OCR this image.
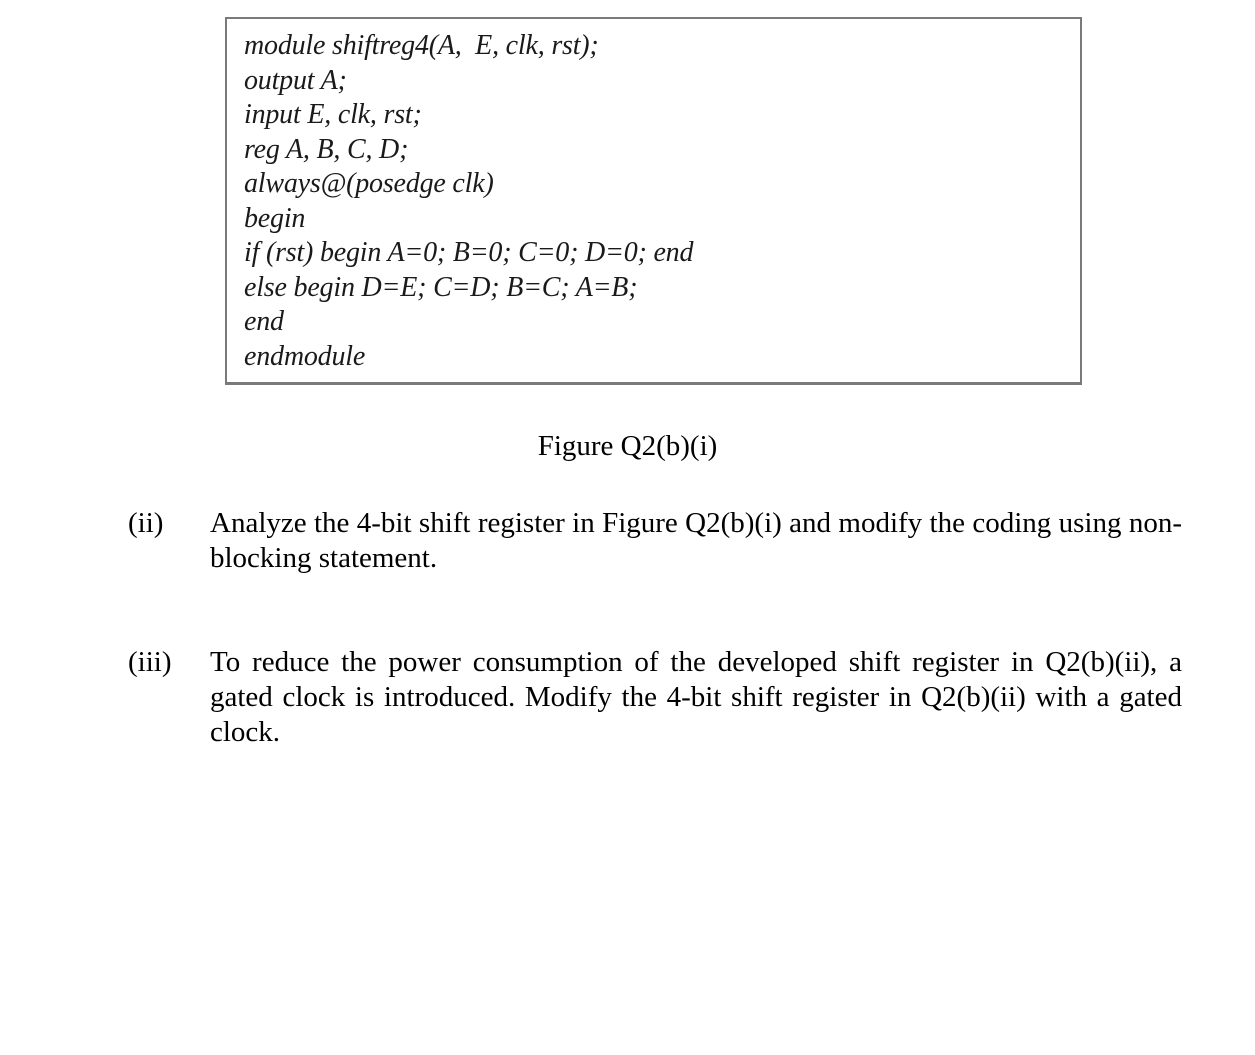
module shiftreg4(A,  E, clk, rst);
output A;
input E, clk, rst;
reg A, B, C, D;
always@(posedge clk)
begin
if (rst) begin A=0; B=0; C=0; D=0; end
else begin D=E; C=D; B=C; A=B;
end
endmodule
Figure Q2(b)(i)
(ii) Analyze the 4-bit shift register in Figure Q2(b)(i) and modify the coding using non-blocking statement.
(iii) To reduce the power consumption of the developed shift register in Q2(b)(ii), a gated clock is introduced. Modify the 4-bit shift register in Q2(b)(ii) with a gated clock.
